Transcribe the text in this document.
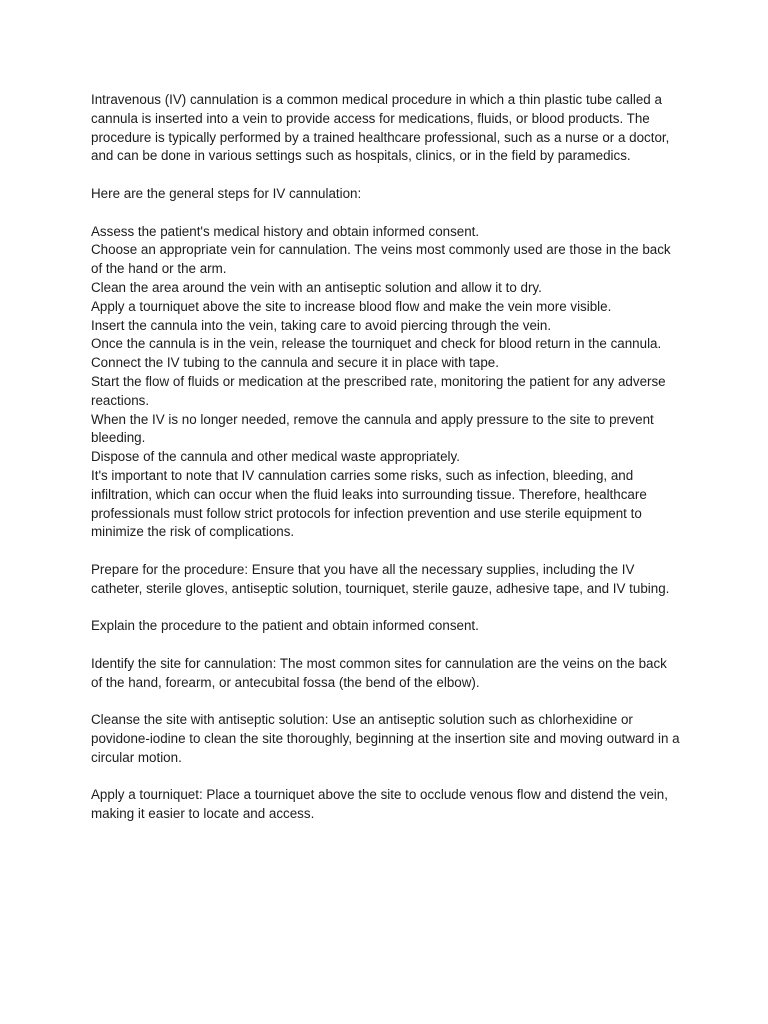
Intravenous (IV) cannulation is a common medical procedure in which a thin plastic tube called a cannula is inserted into a vein to provide access for medications, fluids, or blood products. The procedure is typically performed by a trained healthcare professional, such as a nurse or a doctor, and can be done in various settings such as hospitals, clinics, or in the field by paramedics.

Here are the general steps for IV cannulation:

Assess the patient's medical history and obtain informed consent.

Choose an appropriate vein for cannulation. The veins most commonly used are those in the back of the hand or the arm.

Clean the area around the vein with an antiseptic solution and allow it to dry.

Apply a tourniquet above the site to increase blood flow and make the vein more visible.

Insert the cannula into the vein, taking care to avoid piercing through the vein.

Once the cannula is in the vein, release the tourniquet and check for blood return in the cannula.

Connect the IV tubing to the cannula and secure it in place with tape.

Start the flow of fluids or medication at the prescribed rate, monitoring the patient for any adverse reactions.

When the IV is no longer needed, remove the cannula and apply pressure to the site to prevent bleeding.

Dispose of the cannula and other medical waste appropriately.

It's important to note that IV cannulation carries some risks, such as infection, bleeding, and infiltration, which can occur when the fluid leaks into surrounding tissue. Therefore, healthcare professionals must follow strict protocols for infection prevention and use sterile equipment to minimize the risk of complications.

Prepare for the procedure: Ensure that you have all the necessary supplies, including the IV catheter, sterile gloves, antiseptic solution, tourniquet, sterile gauze, adhesive tape, and IV tubing.

Explain the procedure to the patient and obtain informed consent.

Identify the site for cannulation: The most common sites for cannulation are the veins on the back of the hand, forearm, or antecubital fossa (the bend of the elbow).

Cleanse the site with antiseptic solution: Use an antiseptic solution such as chlorhexidine or povidone-iodine to clean the site thoroughly, beginning at the insertion site and moving outward in a circular motion.

Apply a tourniquet: Place a tourniquet above the site to occlude venous flow and distend the vein, making it easier to locate and access.
